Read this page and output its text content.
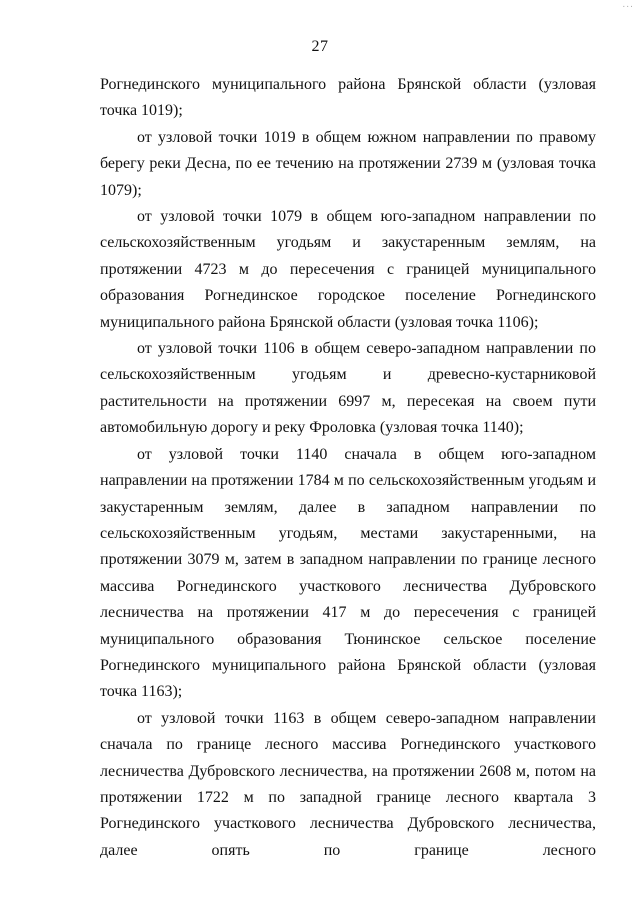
...
27

Рогнединского муниципального района Брянской области (узловая точка 1019);

от узловой точки 1019 в общем южном направлении по правому берегу реки Десна, по ее течению на протяжении 2739 м (узловая точка 1079);

от узловой точки 1079 в общем юго-западном направлении по сельскохозяйственным угодьям и закустаренным землям, на протяжении 4723 м до пересечения с границей муниципального образования Рогнединское городское поселение Рогнединского муниципального района Брянской области (узловая точка 1106);

от узловой точки 1106 в общем северо-западном направлении по сельскохозяйственным угодьям и древесно-кустарниковой растительности на протяжении 6997 м, пересекая на своем пути автомобильную дорогу и реку Фроловка (узловая точка 1140);

от узловой точки 1140 сначала в общем юго-западном направлении на протяжении 1784 м по сельскохозяйственным угодьям и закустаренным землям, далее в западном направлении по сельскохозяйственным угодьям, местами закустаренными, на протяжении 3079 м, затем в западном направлении по границе лесного массива Рогнединского участкового лесничества Дубровского лесничества на протяжении 417 м до пересечения с границей муниципального образования Тюнинское сельское поселение Рогнединского муниципального района Брянской области (узловая точка 1163);

от узловой точки 1163 в общем северо-западном направлении сначала по границе лесного массива Рогнединского участкового лесничества Дубровского лесничества, на протяжении 2608 м, потом на протяжении 1722 м по западной границе лесного квартала 3 Рогнединского участкового лесничества Дубровского лесничества, далее опять по границе лесного
